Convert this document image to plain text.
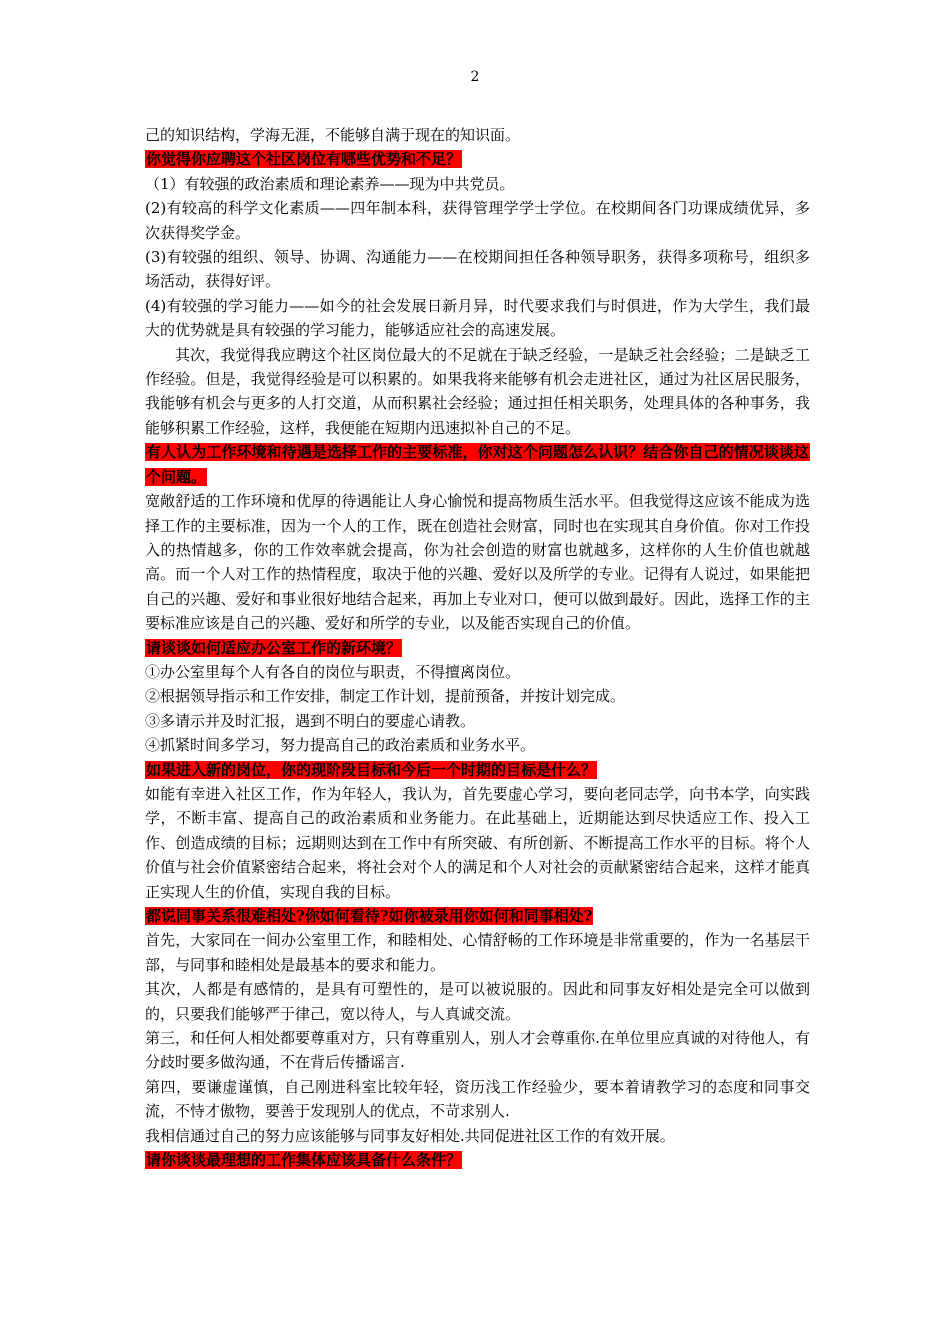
2

己的知识结构，学海无涯，不能够自满于现在的知识面。

你觉得你应聘这个社区岗位有哪些优势和不足？

（1）有较强的政治素质和理论素养——现为中共党员。

(2)有较高的科学文化素质——四年制本科，获得管理学学士学位。在校期间各门功课成绩优异，多次获得奖学金。

(3)有较强的组织、领导、协调、沟通能力——在校期间担任各种领导职务，获得多项称号，组织多场活动，获得好评。

(4)有较强的学习能力——如今的社会发展日新月异，时代要求我们与时俱进，作为大学生，我们最大的优势就是具有较强的学习能力，能够适应社会的高速发展。

其次，我觉得我应聘这个社区岗位最大的不足就在于缺乏经验，一是缺乏社会经验；二是缺乏工作经验。但是，我觉得经验是可以积累的。如果我将来能够有机会走进社区，通过为社区居民服务，我能够有机会与更多的人打交道，从而积累社会经验；通过担任相关职务，处理具体的各种事务，我能够积累工作经验，这样，我便能在短期内迅速拟补自己的不足。

有人认为工作环境和待遇是选择工作的主要标准，你对这个问题怎么认识？结合你自己的情况谈谈这个问题。

宽敞舒适的工作环境和优厚的待遇能让人身心愉悦和提高物质生活水平。但我觉得这应该不能成为选择工作的主要标准，因为一个人的工作，既在创造社会财富，同时也在实现其自身价值。你对工作投入的热情越多，你的工作效率就会提高，你为社会创造的财富也就越多，这样你的人生价值也就越高。而一个人对工作的热情程度，取决于他的兴趣、爱好以及所学的专业。记得有人说过，如果能把自己的兴趣、爱好和事业很好地结合起来，再加上专业对口，便可以做到最好。因此，选择工作的主要标准应该是自己的兴趣、爱好和所学的专业，以及能否实现自己的价值。

请谈谈如何适应办公室工作的新环境？

①办公室里每个人有各自的岗位与职责，不得擅离岗位。

②根据领导指示和工作安排，制定工作计划，提前预备，并按计划完成。

③多请示并及时汇报，遇到不明白的要虚心请教。

④抓紧时间多学习，努力提高自己的政治素质和业务水平。

如果进入新的岗位，你的现阶段目标和今后一个时期的目标是什么？

如能有幸进入社区工作，作为年轻人，我认为，首先要虚心学习，要向老同志学，向书本学，向实践学，不断丰富、提高自己的政治素质和业务能力。在此基础上，近期能达到尽快适应工作、投入工作、创造成绩的目标；远期则达到在工作中有所突破、有所创新、不断提高工作水平的目标。将个人价值与社会价值紧密结合起来，将社会对个人的满足和个人对社会的贡献紧密结合起来，这样才能真正实现人生的价值，实现自我的目标。

都说同事关系很难相处?你如何看待?如你被录用你如何和同事相处?

首先，大家同在一间办公室里工作，和睦相处、心情舒畅的工作环境是非常重要的，作为一名基层干部，与同事和睦相处是最基本的要求和能力。

其次，人都是有感情的，是具有可塑性的，是可以被说服的。因此和同事友好相处是完全可以做到的，只要我们能够严于律己，宽以待人，与人真诚交流。

第三，和任何人相处都要尊重对方，只有尊重别人，别人才会尊重你.在单位里应真诚的对待他人，有分歧时要多做沟通，不在背后传播谣言.

第四，要谦虚谨慎，自己刚进科室比较年轻，资历浅工作经验少，要本着请教学习的态度和同事交流，不恃才傲物，要善于发现别人的优点，不苛求别人.

我相信通过自己的努力应该能够与同事友好相处.共同促进社区工作的有效开展。

请你谈谈最理想的工作集体应该具备什么条件？
